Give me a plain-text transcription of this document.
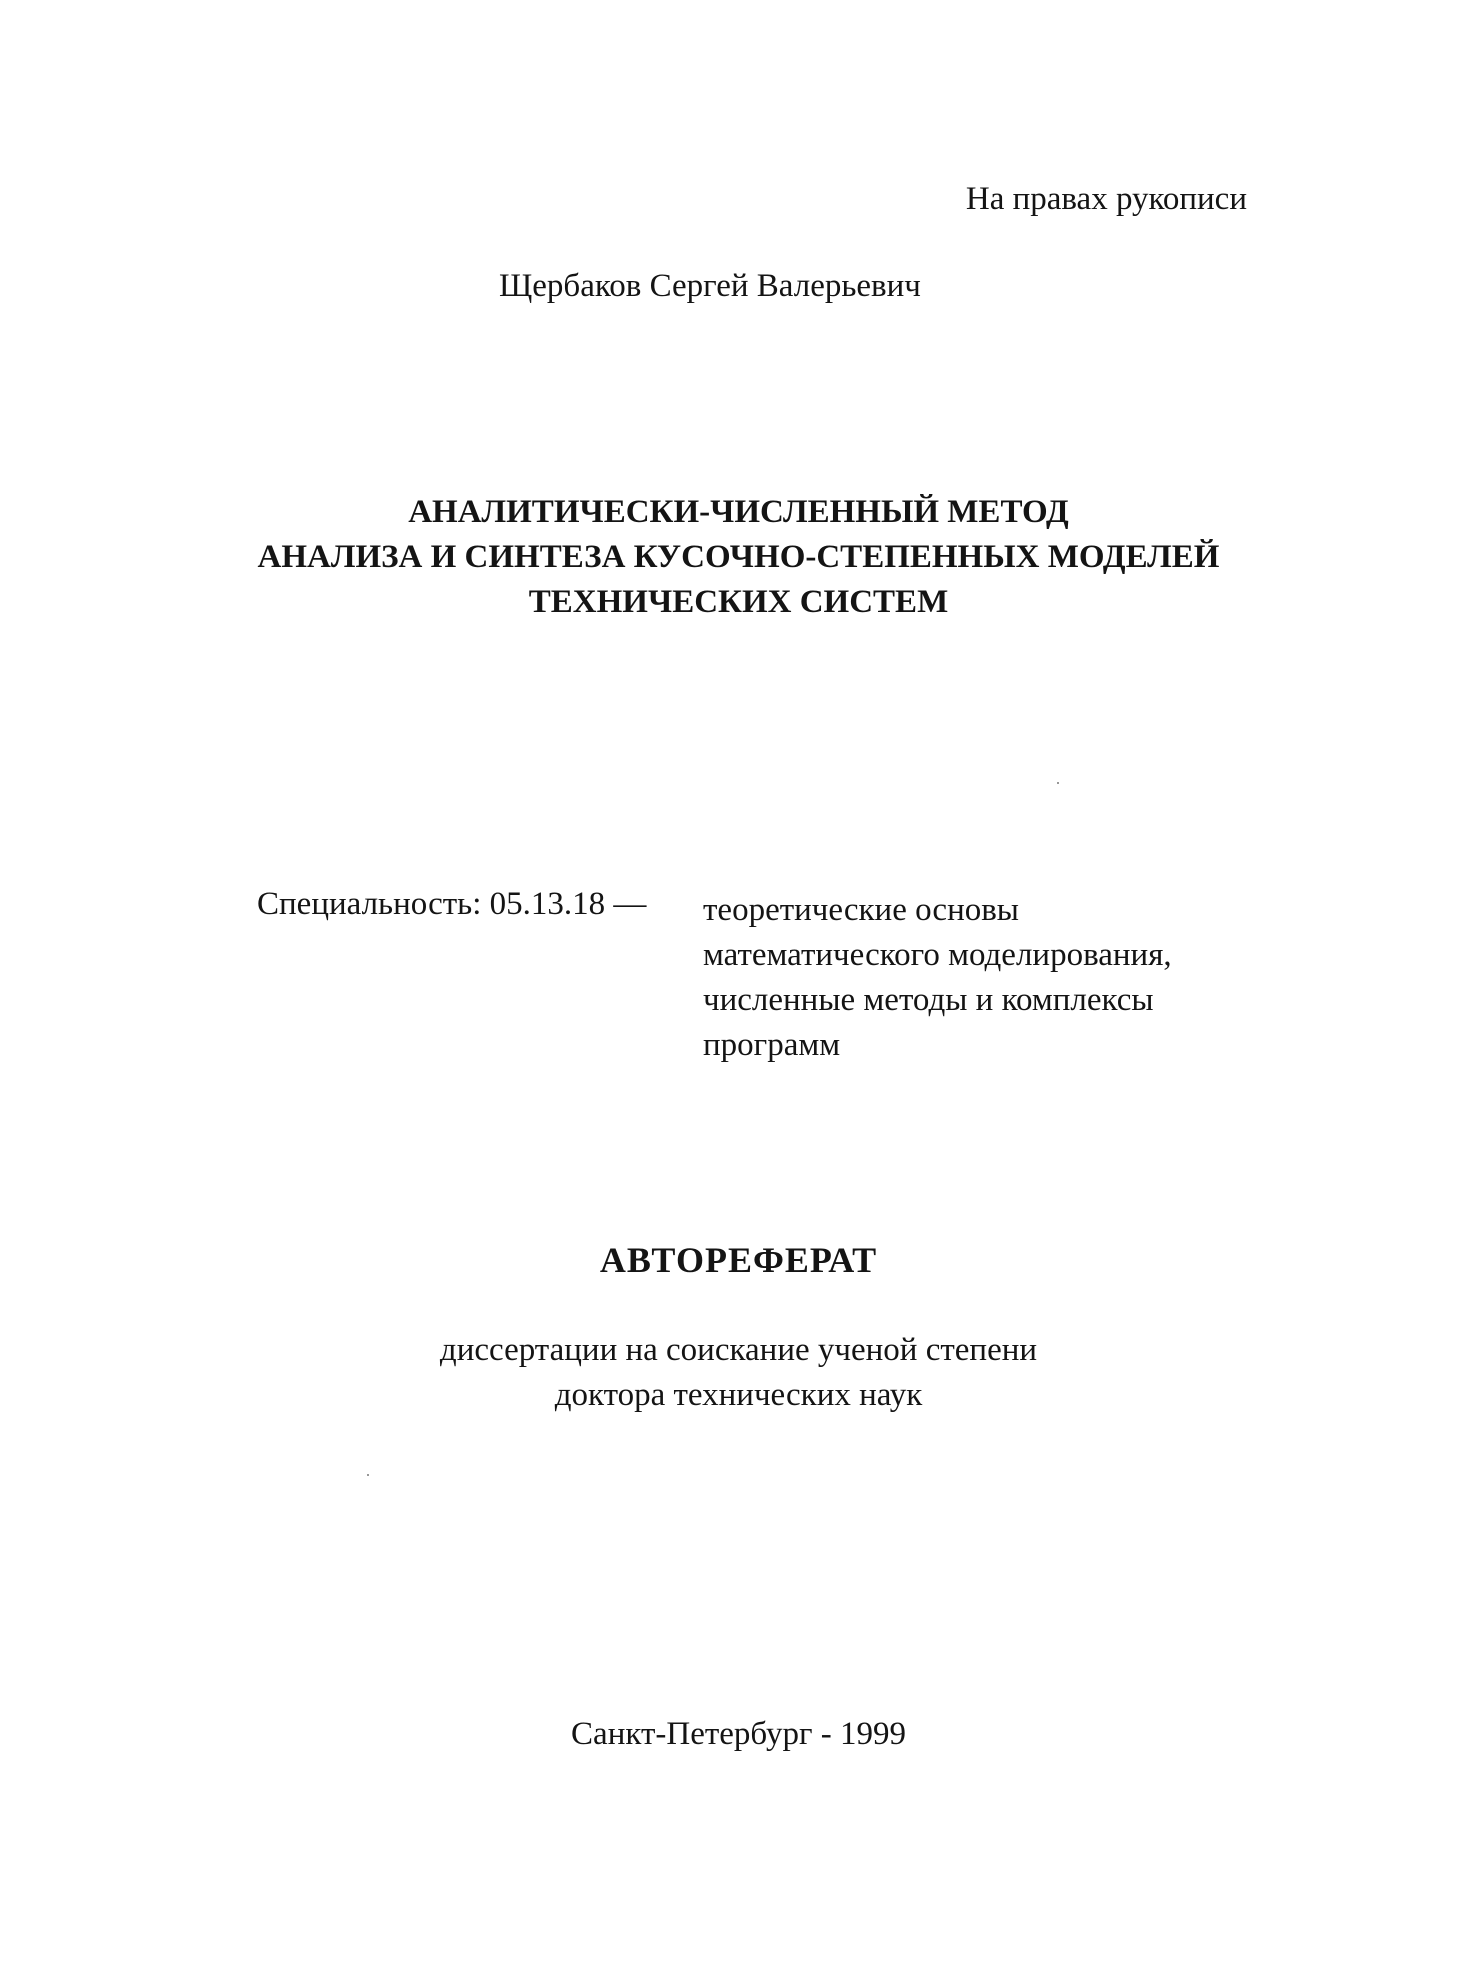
На правах рукописи
Щербаков Сергей Валерьевич
АНАЛИТИЧЕСКИ-ЧИСЛЕННЫЙ МЕТОД
АНАЛИЗА И СИНТЕЗА КУСОЧНО-СТЕПЕННЫХ МОДЕЛЕЙ
ТЕХНИЧЕСКИХ СИСТЕМ
Специальность: 05.13.18 — теоретические основы
математического моделирования,
численные методы и комплексы
программ
АВТОРЕФЕРАТ
диссертации на соискание ученой степени
доктора технических наук
Санкт-Петербург - 1999
